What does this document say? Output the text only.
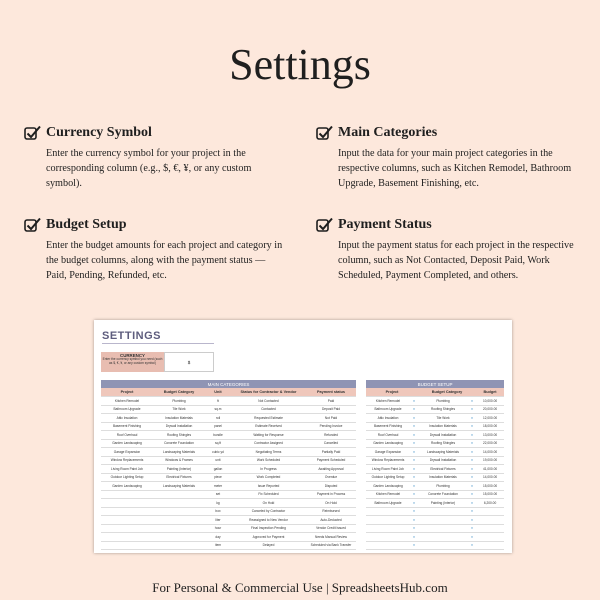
Settings
Currency Symbol
Enter the currency symbol for your project in the corresponding column (e.g., $, €, ¥, or any custom symbol).
Main Categories
Input the data for your main project categories in the respective columns, such as Kitchen Remodel, Bathroom Upgrade, Basement Finishing, etc.
Budget Setup
Enter the budget amounts for each project and category in the budget columns, along with the payment status — Paid, Pending, Refunded, etc.
Payment Status
Input the payment status for each project in the respective column, such as Not Contacted, Deposit Paid, Work Scheduled, Payment Completed, and others.
SETTINGS
CURRENCY
Enter the currency symbol you need (such as $, €, ¥, or any custom symbol)	$
MAIN CATEGORIES				
Project	Budget Category	Unit	Status for Contractor & Vendor	Payment status
Kitchen Remodel	Plumbing	ft	Not Contacted	Paid
Bathroom Upgrade	Tile Work	sq.m	Contacted	Deposit Paid
Attic Insulation	Insulation Materials	roll	Requested Estimate	Not Paid
Basement Finishing	Drywall Installation	panel	Estimate Received	Pending Invoice
Roof Overhaul	Roofing Shingles	bundle	Waiting for Response	Refunded
Garden Landscaping	Concrete Foundation	sq.ft	Contractor Assigned	Cancelled
Garage Expansion	Landscaping Materials	cubic yd	Negotiating Terms	Partially Paid
Window Replacements	Windows & Frames	unit	Work Scheduled	Payment Scheduled
Living Room Paint Job	Painting (Interior)	gallon	In Progress	Awaiting Approval
Outdoor Lighting Setup	Electrical Fixtures	piece	Work Completed	Overdue
Garden Landscaping	Landscaping Materials	meter	Issue Reported	Disputed
		set	Fix Scheduled	Payment in Process
		kg	On Hold	On Hold
		box	Canceled by Contractor	Reimbursed
		liter	Reassigned to New Vendor	Auto-Deducted
		hour	Final Inspection Pending	Vendor Credit Issued
		day	Approved for Payment	Needs Manual Review
		item	Delayed	Scheduled via Bank Transfer
BUDGET SETUP				
Project		Budget Category		Budget
Kitchen Remodel	▾	Plumbing	▾	10,000.00
Bathroom Upgrade	▾	Roofing Shingles	▾	20,000.00
Attic Insulation	▾	Tile Work	▾	12,000.00
Basement Finishing	▾	Insulation Materials	▾	18,000.00
Roof Overhaul	▾	Drywall Installation	▾	13,000.00
Garden Landscaping	▾	Roofing Shingles	▾	22,000.00
Garage Expansion	▾	Landscaping Materials	▾	14,000.00
Window Replacements	▾	Drywall Installation	▾	19,000.00
Living Room Paint Job	▾	Electrical Fixtures	▾	41,000.00
Outdoor Lighting Setup	▾	Insulation Materials	▾	14,000.00
Garden Landscaping	▾	Plumbing	▾	15,000.00
Kitchen Remodel	▾	Concrete Foundation	▾	15,000.00
Bathroom Upgrade	▾	Painting (Interior)	▾	6,200.00
	▾		▾	
	▾		▾	
	▾		▾	
	▾		▾	
	▾		▾	
For Personal & Commercial Use | SpreadsheetsHub.com
